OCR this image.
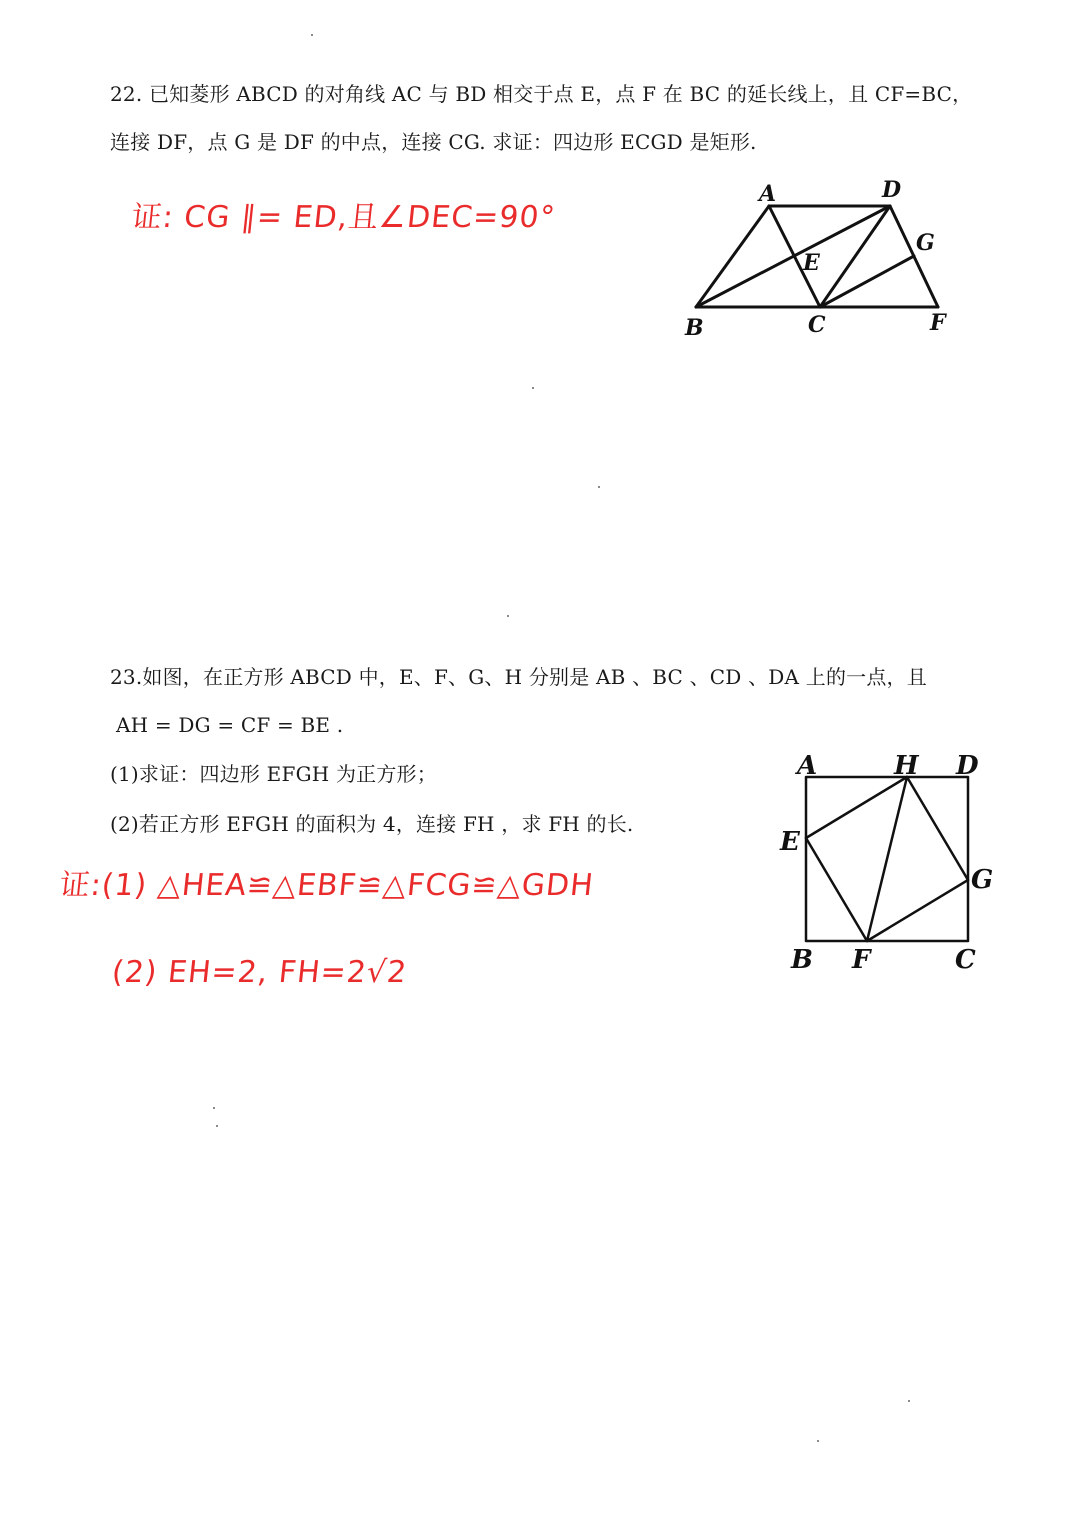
22. 已知菱形 ABCD 的对角线 AC 与 BD 相交于点 E，点 F 在 BC 的延长线上，且 CF=BC，
连接 DF，点 G 是 DF 的中点，连接 CG. 求证：四边形 ECGD 是矩形.
证: CG ∥= ED,且∠DEC=90°
A	D
E
G
B	C	F
23.如图，在正方形 ABCD 中，E、F、G、H 分别是 AB 、BC 、CD 、DA 上的一点，且
AH = DG = CF = BE .
(1)求证：四边形 EFGH 为正方形；
(2)若正方形 EFGH 的面积为 4，连接 FH ，求 FH 的长.
证:(1) △HEA≌△EBF≌△FCG≌△GDH
(2) EH=2, FH=2√2
A	H D
E
G
B F	C
